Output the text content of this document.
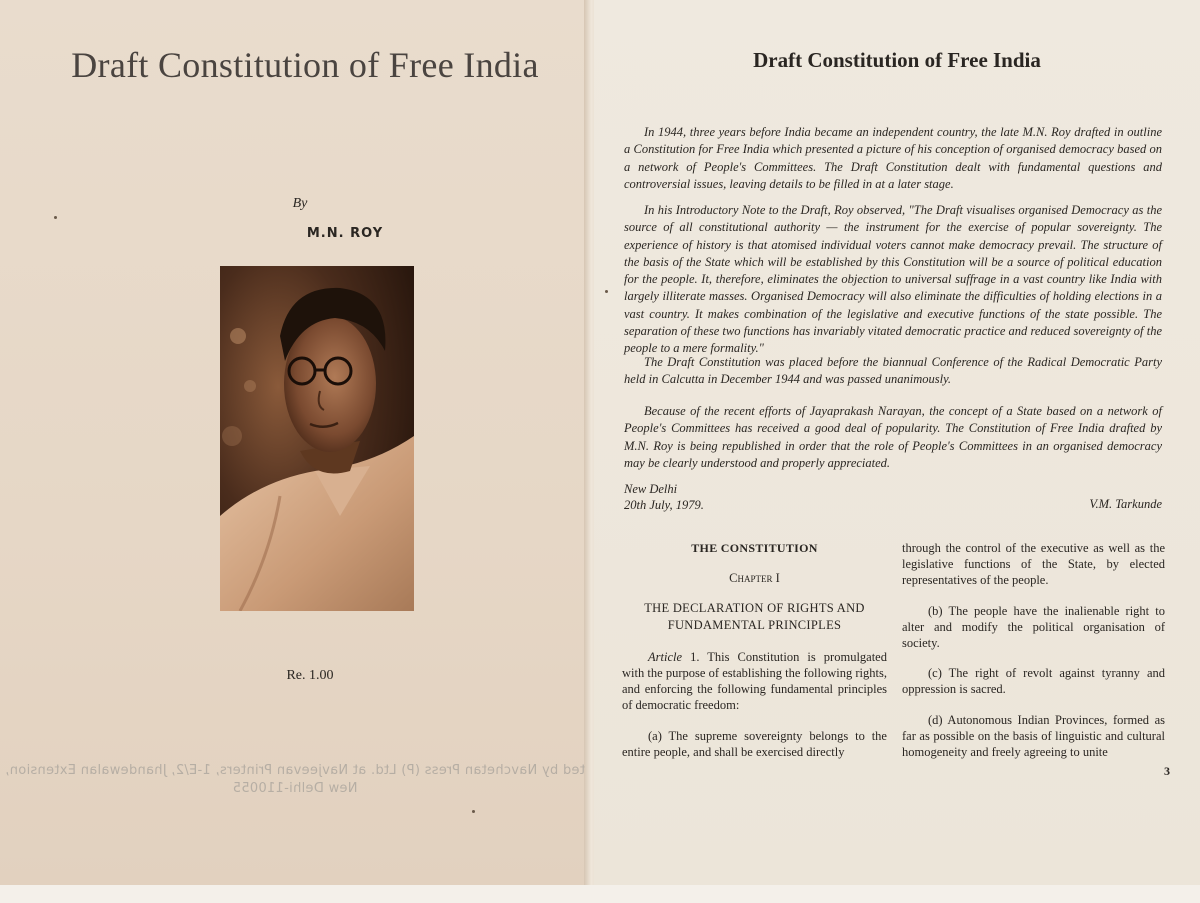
Draft Constitution of Free India
By
M.N. ROY
Re. 1.00
ted by Navchetan Press (P) Ltd. at Navjeevan Printers, 1-E/2, Jhandewalan Extension,
New Delhi-110055
Draft Constitution of Free India

In 1944, three years before India became an independent country, the late M.N. Roy drafted in outline a Constitution for Free India which presented a picture of his conception of organised democracy based on a network of People's Committees. The Draft Constitution dealt with fundamental questions and controversial issues, leaving details to be filled in at a later stage.

In his Introductory Note to the Draft, Roy observed, "The Draft visualises organised Democracy as the source of all constitutional authority — the instrument for the exercise of popular sovereignty. The experience of history is that atomised individual voters cannot make democracy prevail. The structure of the basis of the State which will be established by this Constitution will be a source of political education for the people. It, therefore, eliminates the objection to universal suffrage in a vast country like India with largely illiterate masses. Organised Democracy will also eliminate the difficulties of holding elections in a vast country. It makes combination of the legislative and executive functions of the state possible. The separation of these two functions has invariably vitated democratic practice and reduced sovereignty of the people to a mere formality."

The Draft Constitution was placed before the biannual Conference of the Radical Democratic Party held in Calcutta in December 1944 and was passed unanimously.

Because of the recent efforts of Jayaprakash Narayan, the concept of a State based on a network of People's Committees has received a good deal of popularity. The Constitution of Free India drafted by M.N. Roy is being republished in order that the role of People's Committees in an organised democracy may be clearly understood and properly appreciated.

New Delhi
20th July, 1979.	V.M. Tarkunde
THE CONSTITUTION
Chapter I
THE DECLARATION OF RIGHTS AND FUNDAMENTAL PRINCIPLES

Article 1. This Constitution is promulgated with the purpose of establishing the following rights, and enforcing the following fundamental principles of democratic freedom:

(a) The supreme sovereignty belongs to the entire people, and shall be exercised directly

through the control of the executive as well as the legislative functions of the State, by elected representatives of the people.

(b) The people have the inalienable right to alter and modify the political organisation of society.

(c) The right of revolt against tyranny and oppression is sacred.

(d) Autonomous Indian Provinces, formed as far as possible on the basis of linguistic and cultural homogeneity and freely agreeing to unite

3
